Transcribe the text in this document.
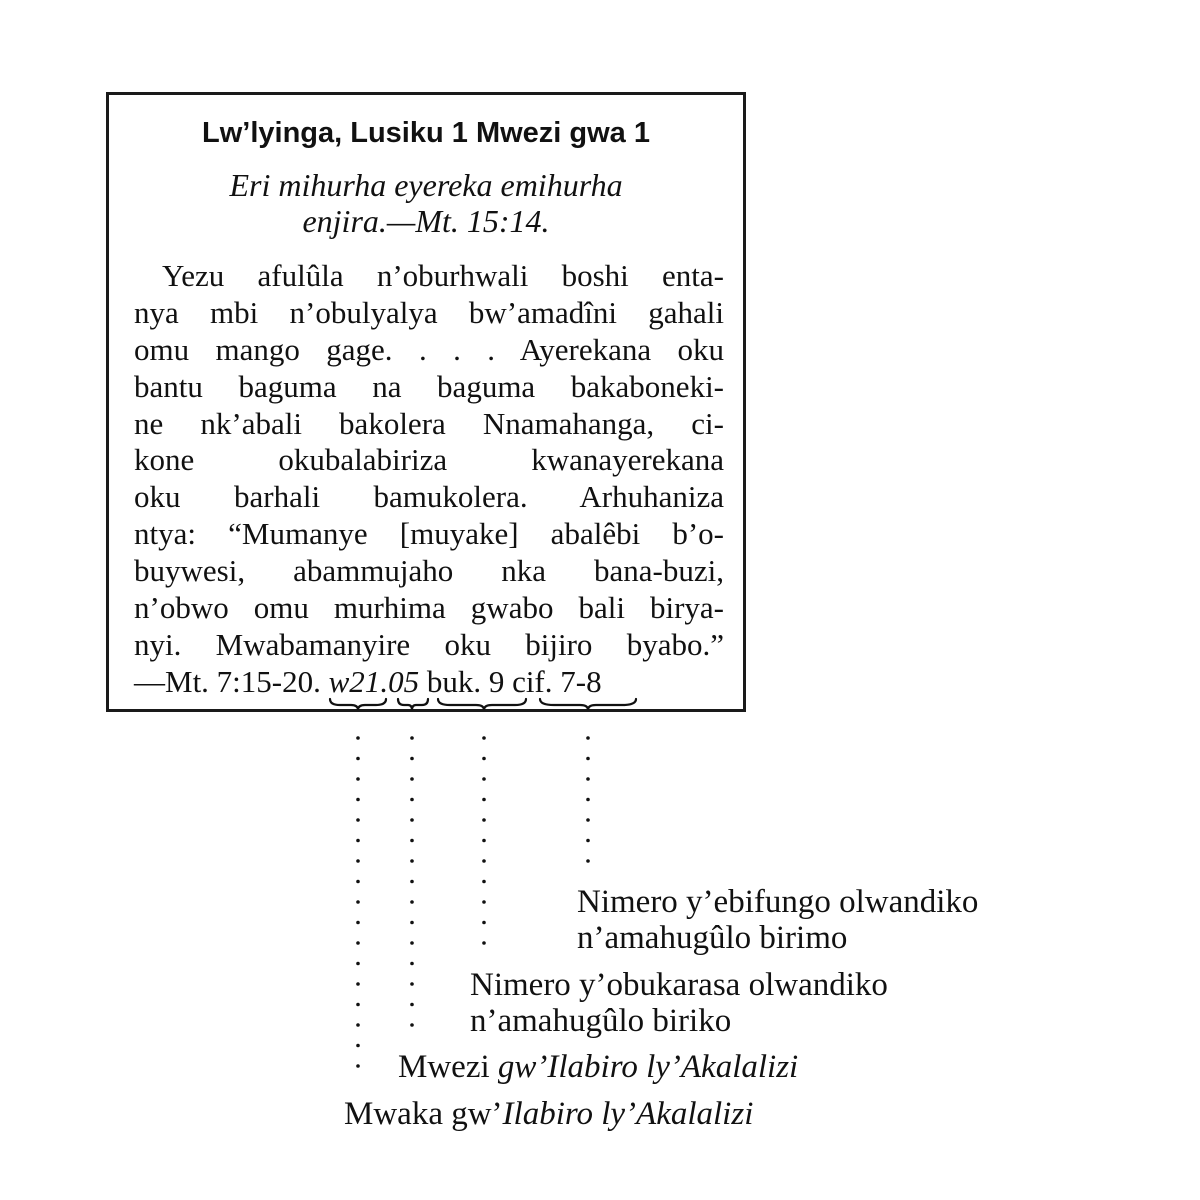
Lw’lyinga, Lusiku 1 Mwezi gwa 1
Eri mihurha eyereka emihurha
enjira.—Mt. 15:14.
Yezu afulûla n’oburhwali boshi enta-
nya mbi n’obulyalya bw’amadîni gahali
omu mango gage. . . . Ayerekana oku
bantu baguma na baguma bakaboneki-
ne nk’abali bakolera Nnamahanga, ci-
kone okubalabiriza kwanayerekana
oku barhali bamukolera. Arhuhaniza
ntya: “Mumanye [muyake] abalêbi b’o-
buywesi, abammujaho nka bana-buzi,
n’obwo omu murhima gwabo bali birya-
nyi. Mwabamanyire oku bijiro byabo.”
—Mt. 7:15-20. w21.05 buk. 9 cif. 7-8
Nimero y’ebifungo olwandiko
n’amahugûlo birimo
Nimero y’obukarasa olwandiko
n’amahugûlo biriko
Mwezi gw’Ilabiro ly’Akalalizi
Mwaka gw’Ilabiro ly’Akalalizi
